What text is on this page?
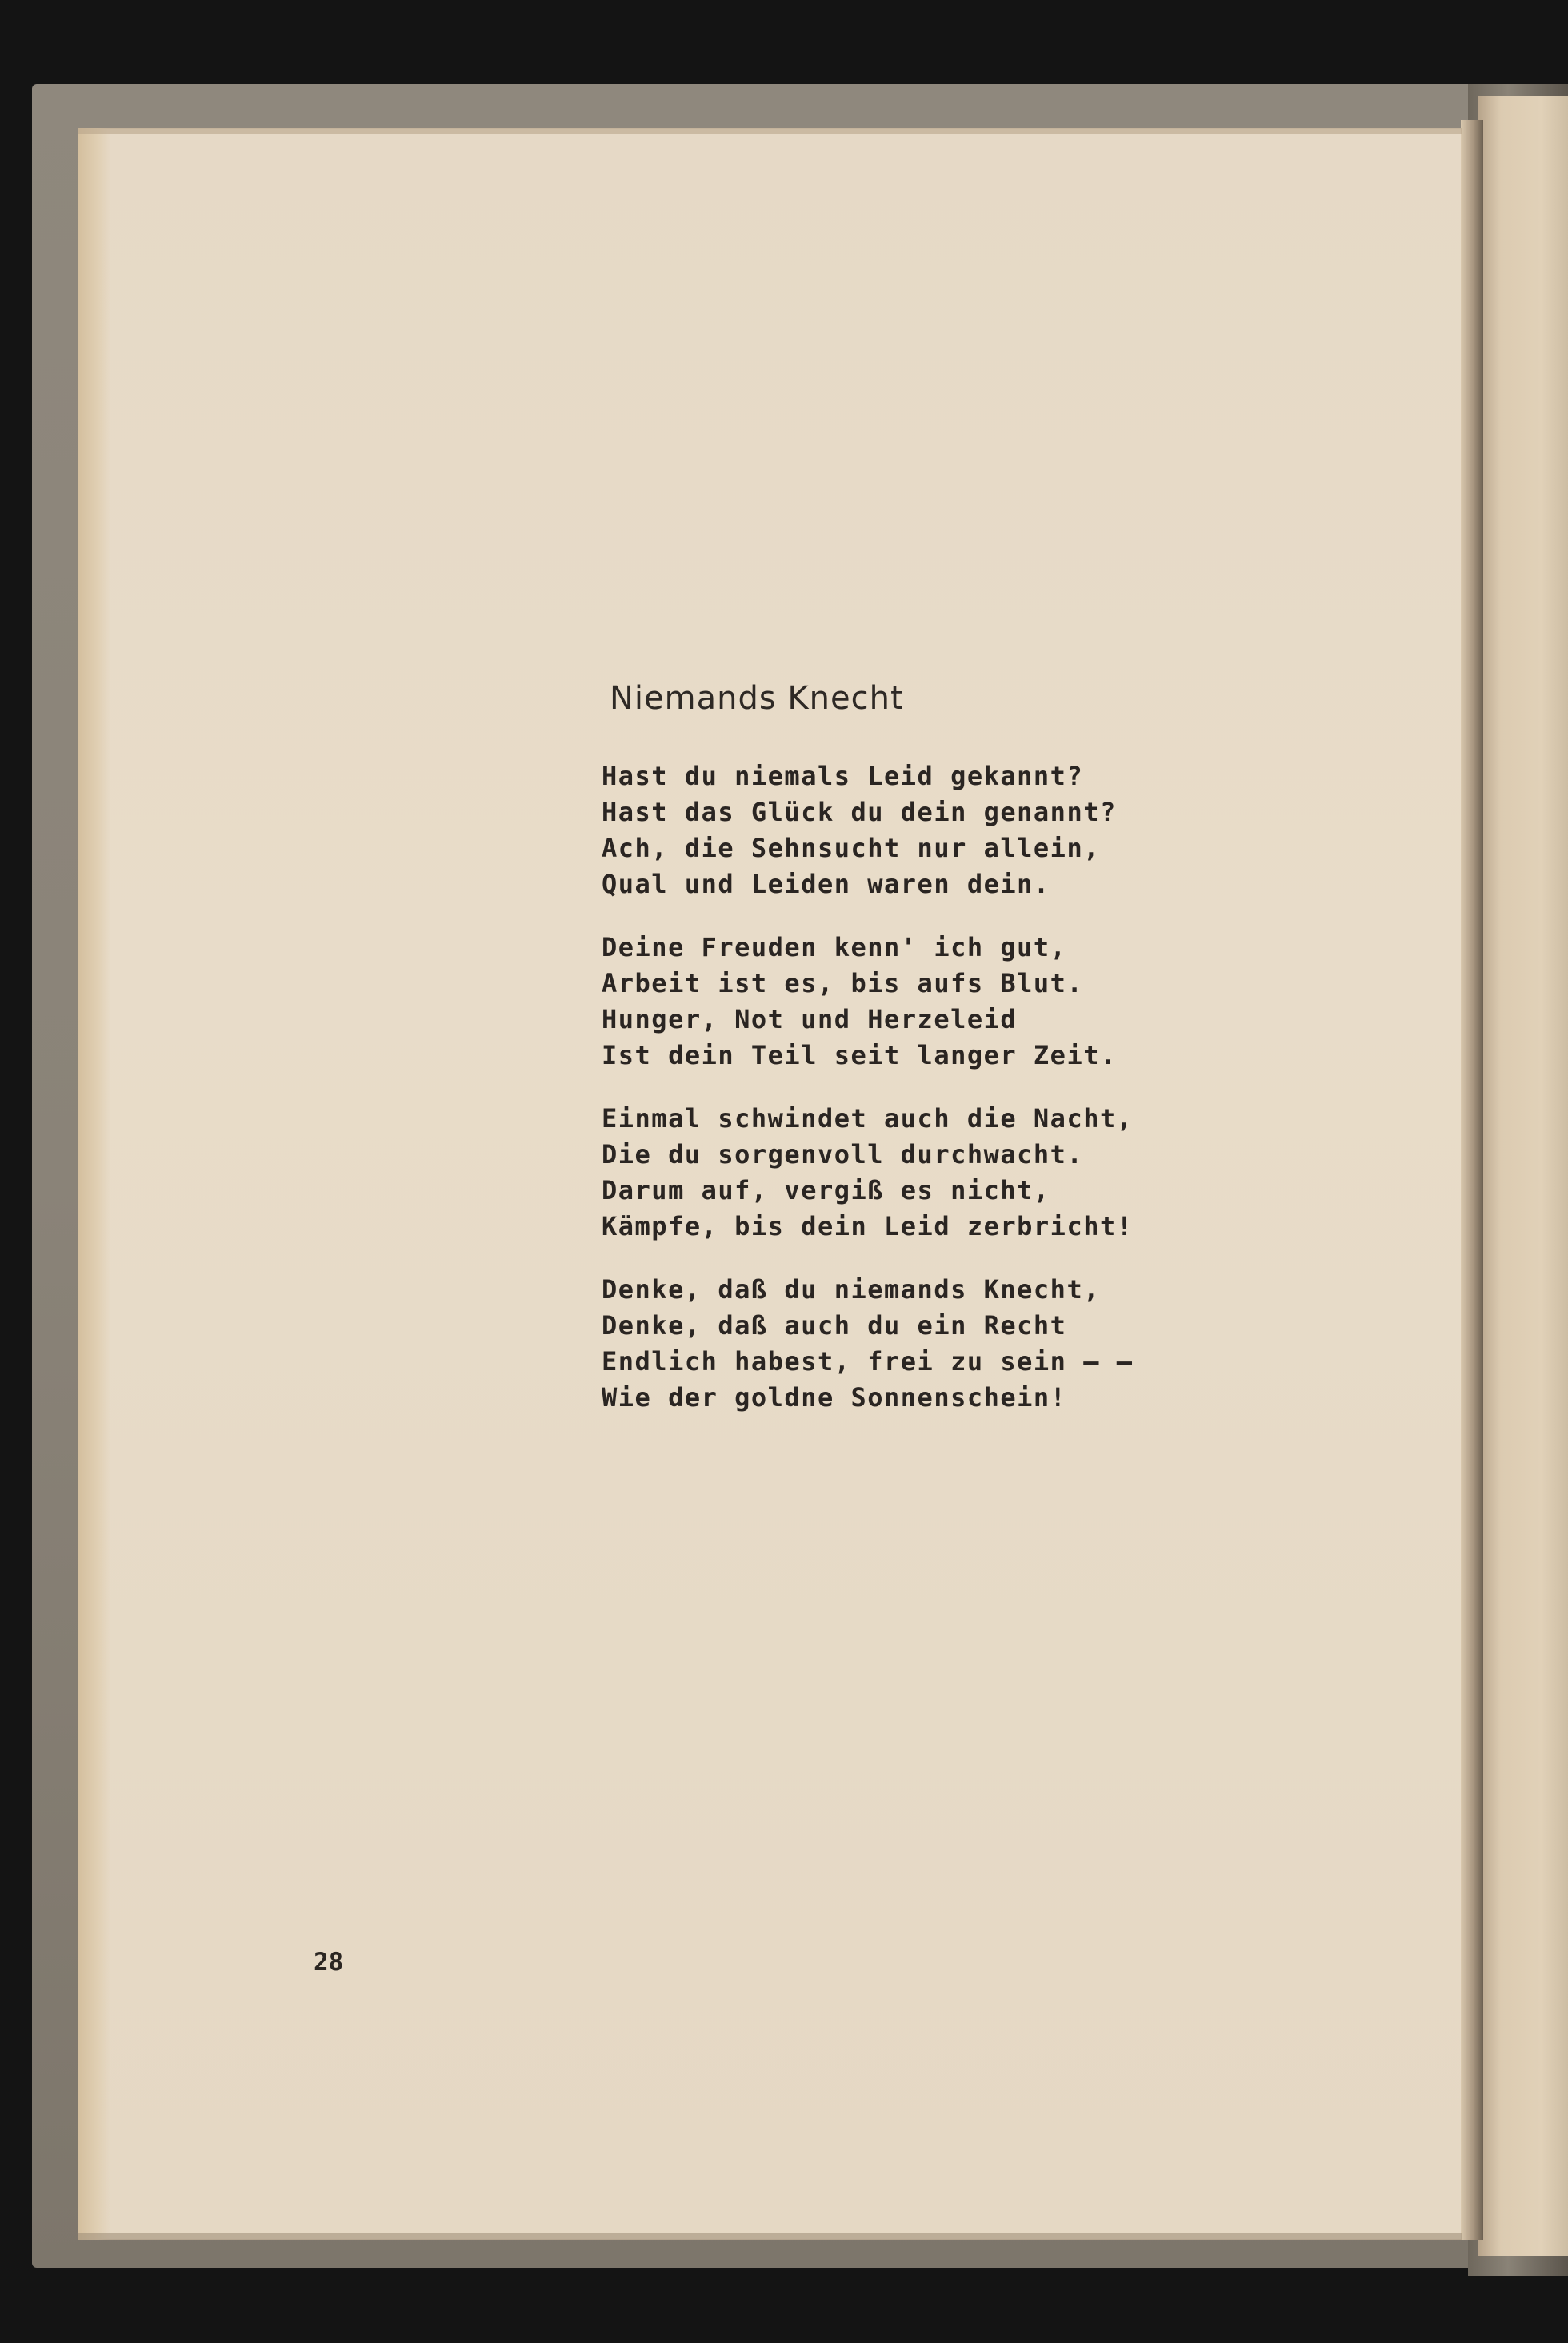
Niemands Knecht
Hast du niemals Leid gekannt?
Hast das Glück du dein genannt?
Ach, die Sehnsucht nur allein,
Qual und Leiden waren dein.
Deine Freuden kenn' ich gut,
Arbeit ist es, bis aufs Blut.
Hunger, Not und Herzeleid
Ist dein Teil seit langer Zeit.
Einmal schwindet auch die Nacht,
Die du sorgenvoll durchwacht.
Darum auf, vergiß es nicht,
Kämpfe, bis dein Leid zerbricht!
Denke, daß du niemands Knecht,
Denke, daß auch du ein Recht
Endlich habest, frei zu sein — —
Wie der goldne Sonnenschein!
28
